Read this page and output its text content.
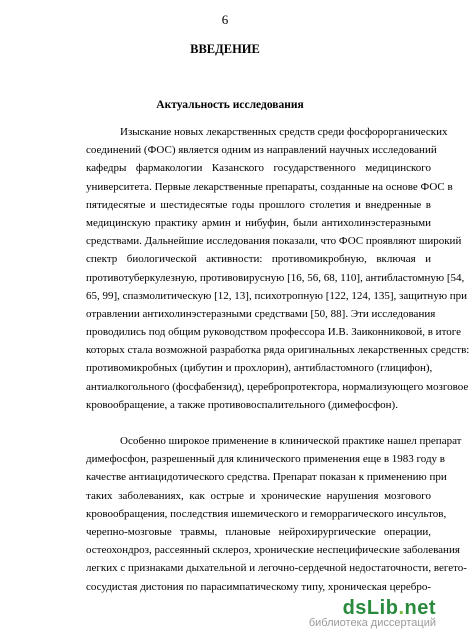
6
ВВЕДЕНИЕ
Актуальность исследования
Изыскание новых лекарственных средств среди фосфорорганических
соединений (ФОС) является одним из направлений научных исследований
кафедры фармакологии Казанского государственного медицинского
университета. Первые лекарственные препараты, созданные на основе ФОС в
пятидесятые и шестидесятые годы прошлого столетия и внедренные в
медицинскую практику армин и нибуфин, были антихолинэстеразными
средствами. Дальнейшие исследования показали, что ФОС проявляют широкий
спектр биологической активности: противомикробную, включая и
противотуберкулезную, противовирусную [16, 56, 68, 110], антибластомную [54,
65, 99], спазмолитическую [12, 13], психотропную [122, 124, 135], защитную при
отравлении антихолинэстеразными средствами [50, 88]. Эти исследования
проводились под общим руководством профессора И.В. Заиконниковой, в итоге
которых стала возможной разработка ряда оригинальных лекарственных средств:
противомикробных (цибутин и прохлорин), антибластомного (глицифон),
антиалкогольного (фосфабензид), церебропротектора, нормализующего мозговое
кровообращение, а также противовоспалительного (димефосфон).
Особенно широкое применение в клинической практике нашел препарат
димефосфон, разрешенный для клинического применения еще в 1983 году в
качестве антиацидотического средства. Препарат показан к применению при
таких заболеваниях, как острые и хронические нарушения мозгового
кровообращения, последствия ишемического и геморрагического инсультов,
черепно-мозговые травмы, плановые нейрохирургические операции,
остеохондроз, рассеянный склероз, хронические неспецифические заболевания
легких с признаками дыхательной и легочно-сердечной недостаточности, вегето-
сосудистая дистония по парасимпатическому типу, хроническая церебро-
dsLib.net
библиотека диссертаций
